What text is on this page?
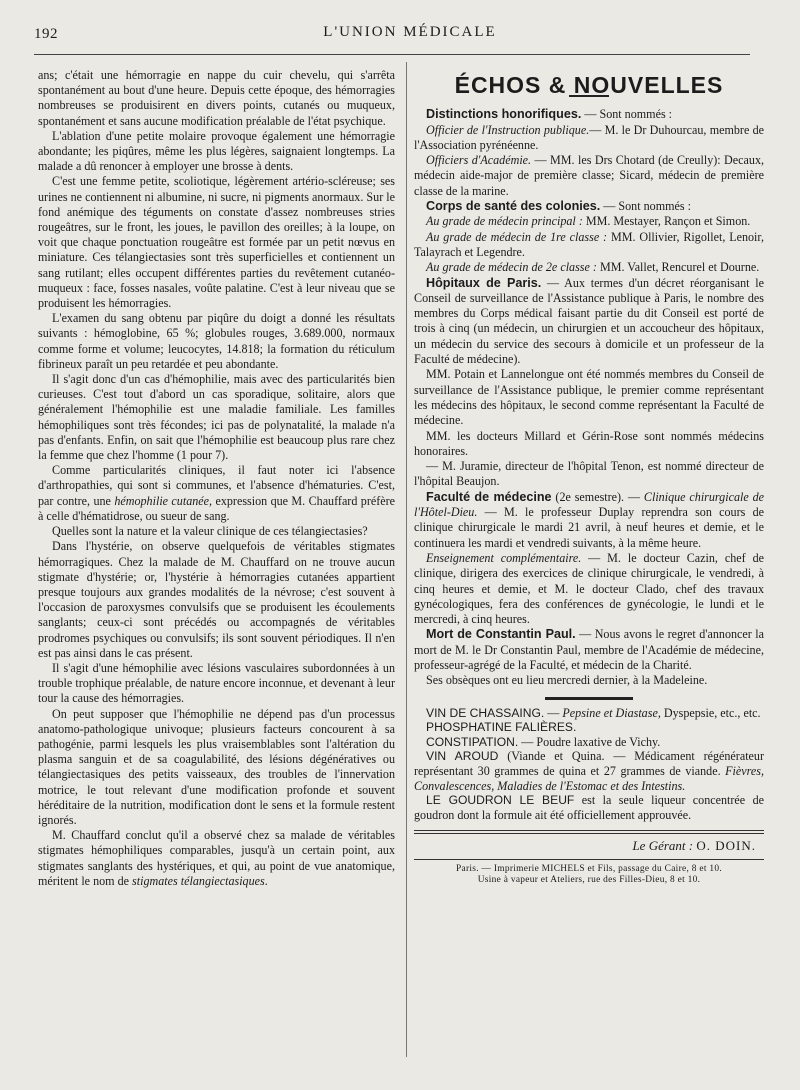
192	L'UNION MÉDICALE

ans; c'était une hémorragie en nappe du cuir chevelu, qui s'arrêta spontanément au bout d'une heure. Depuis cette époque, des hémorragies nombreuses se produisirent en divers points, cutanés ou muqueux, spontanément et sans aucune modification préalable de l'état psychique.

L'ablation d'une petite molaire provoque également une hémorragie abondante; les piqûres, même les plus légères, saignaient longtemps. La malade a dû renoncer à employer une brosse à dents.

C'est une femme petite, scoliotique, légèrement artério-scléreuse; ses urines ne contiennent ni albumine, ni sucre, ni pigments anormaux. Sur le fond anémique des téguments on constate d'assez nombreuses stries rougeâtres, sur le front, les joues, le pavillon des oreilles; à la loupe, on voit que chaque ponctuation rougeâtre est formée par un petit nœvus en miniature. Ces télangiectasies sont très superficielles et contiennent un sang rutilant; elles occupent différentes parties du revêtement cutanéo-muqueux : face, fosses nasales, voûte palatine. C'est à leur niveau que se produisent les hémorragies.

L'examen du sang obtenu par piqûre du doigt a donné les résultats suivants : hémoglobine, 65 %; globules rouges, 3.689.000, normaux comme forme et volume; leucocytes, 14.818; la formation du réticulum fibrineux paraît un peu retardée et peu abondante.

Il s'agit donc d'un cas d'hémophilie, mais avec des particularités bien curieuses. C'est tout d'abord un cas sporadique, solitaire, alors que généralement l'hémophilie est une maladie familiale. Les familles hémophiliques sont très fécondes; ici pas de polynatalité, la malade n'a pas d'enfants. Enfin, on sait que l'hémophilie est beaucoup plus rare chez la femme que chez l'homme (1 pour 7).

Comme particularités cliniques, il faut noter ici l'absence d'arthropathies, qui sont si communes, et l'absence d'hématuries. C'est, par contre, une hémophilie cutanée, expression que M. Chauffard préfère à celle d'hématidrose, ou sueur de sang.

Quelles sont la nature et la valeur clinique de ces télangiectasies?

Dans l'hystérie, on observe quelquefois de véritables stigmates hémorragiques. Chez la malade de M. Chauffard on ne trouve aucun stigmate d'hystérie; or, l'hystérie à hémorragies cutanées appartient presque toujours aux grandes modalités de la névrose; c'est souvent à l'occasion de paroxysmes convulsifs que se produisent les écoulements sanglants; ceux-ci sont précédés ou accompagnés de véritables prodromes psychiques ou convulsifs; ils sont souvent périodiques. Il n'en est pas ainsi dans le cas présent.

Il s'agit d'une hémophilie avec lésions vasculaires subordonnées à un trouble trophique préalable, de nature encore inconnue, et devenant à leur tour la cause des hémorragies.

On peut supposer que l'hémophilie ne dépend pas d'un processus anatomo-pathologique univoque; plusieurs facteurs concourent à sa pathogénie, parmi lesquels les plus vraisemblables sont l'altération du plasma sanguin et de sa coagulabilité, des lésions dégénératives ou télangiectasiques des petits vaisseaux, des troubles de l'innervation motrice, le tout relevant d'une modification profonde et souvent héréditaire de la nutrition, modification dont le sens et la formule restent ignorés.

M. Chauffard conclut qu'il a observé chez sa malade de véritables stigmates hémophiliques comparables, jusqu'à un certain point, aux stigmates sanglants des hystériques, et qui, au point de vue anatomique, méritent le nom de stigmates télangiectasiques.

ÉCHOS & NOUVELLES

Distinctions honorifiques. — Sont nommés :

Officier de l'Instruction publique.— M. le Dr Duhourcau, membre de l'Association pyrénéenne.

Officiers d'Académie. — MM. les Drs Chotard (de Creully): Decaux, médecin aide-major de première classe; Sicard, médecin de première classe de la marine.

Corps de santé des colonies. — Sont nommés :

Au grade de médecin principal : MM. Mestayer, Rançon et Simon.

Au grade de médecin de 1re classe : MM. Ollivier, Rigollet, Lenoir, Talayrach et Legendre.

Au grade de médecin de 2e classe : MM. Vallet, Rencurel et Dourne.

Hôpitaux de Paris. — Aux termes d'un décret réorganisant le Conseil de surveillance de l'Assistance publique à Paris, le nombre des membres du Corps médical faisant partie du dit Conseil est porté de trois à cinq (un médecin, un chirurgien et un accoucheur des hôpitaux, un médecin du service des secours à domicile et un professeur de la Faculté de médecine).

MM. Potain et Lannelongue ont été nommés membres du Conseil de surveillance de l'Assistance publique, le premier comme représentant les médecins des hôpitaux, le second comme représentant la Faculté de médecine.

MM. les docteurs Millard et Gérin-Rose sont nommés médecins honoraires.

— M. Juramie, directeur de l'hôpital Tenon, est nommé directeur de l'hôpital Beaujon.

Faculté de médecine (2e semestre). — Clinique chirurgicale de l'Hôtel-Dieu. — M. le professeur Duplay reprendra son cours de clinique chirurgicale le mardi 21 avril, à neuf heures et demie, et le continuera les mardi et vendredi suivants, à la même heure.

Enseignement complémentaire. — M. le docteur Cazin, chef de clinique, dirigera des exercices de clinique chirurgicale, le vendredi, à cinq heures et demie, et M. le docteur Clado, chef des travaux gynécologiques, fera des conférences de gynécologie, le lundi et le mercredi, à cinq heures.

Mort de Constantin Paul. — Nous avons le regret d'annoncer la mort de M. le Dr Constantin Paul, membre de l'Académie de médecine, professeur-agrégé de la Faculté, et médecin de la Charité.

Ses obsèques ont eu lieu mercredi dernier, à la Madeleine.

VIN DE CHASSAING. — Pepsine et Diastase, Dyspepsie, etc., etc.

PHOSPHATINE FALIÈRES.

CONSTIPATION. — Poudre laxative de Vichy.

VIN AROUD (Viande et Quina. — Médicament régénérateur représentant 30 grammes de quina et 27 grammes de viande. Fièvres, Convalescences, Maladies de l'Estomac et des Intestins.

LE GOUDRON LE BEUF est la seule liqueur concentrée de goudron dont la formule ait été officiellement approuvée.

Le Gérant : O. DOIN.
Paris. — Imprimerie MICHELS et Fils, passage du Caire, 8 et 10.
Usine à vapeur et Ateliers, rue des Filles-Dieu, 8 et 10.
